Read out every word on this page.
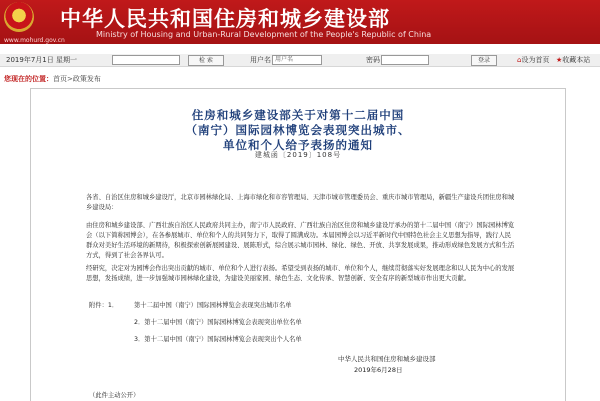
中华人民共和国住房和城乡建设部
Ministry of Housing and Urban-Rural Development of the People's Republic of China
www.mohurd.gov.cn
2019年7月1日 星期一	检 索	用户名 用户名	密码	登录	⌂设为首页 ★收藏本站
您现在的位置：首页>政策发布
住房和城乡建设部关于对第十二届中国
（南宁）国际园林博览会表现突出城市、
单位和个人给予表扬的通知
建城函〔2019〕108号
各省、自治区住房和城乡建设厅，北京市园林绿化局、上海市绿化和市容管理局、天津市城市管理委员会、重庆市城市管理局，新疆生产建设兵团住房和城乡建设局：
由住房和城乡建设部、广西壮族自治区人民政府共同主办，南宁市人民政府、广西壮族自治区住房和城乡建设厅承办的第十二届中国（南宁）国际园林博览会（以下简称园博会），在各参展城市、单位和个人的共同努力下，取得了圆满成功。本届园博会以习近平新时代中国特色社会主义思想为指导，践行人民群众对美好生活环境的新期待，积极探索创新展园建设、展陈形式，综合展示城市园林、绿化、绿色、开放、共享发展成果，推动形成绿色发展方式和生活方式，得到了社会各界认可。
经研究，决定对为园博会作出突出贡献的城市、单位和个人进行表扬。希望受到表扬的城市、单位和个人，继续贯彻落实好发展理念和以人民为中心的发展思想，发扬成绩，进一步加强城市园林绿化建设，为建设美丽家园、绿色生态、文化传承、智慧创新、安全有序的新型城市作出更大贡献。
附件：1．	第十二届中国（南宁）国际园林博览会表现突出城市名单
2．第十二届中国（南宁）国际园林博览会表现突出单位名单
3．第十二届中国（南宁）国际园林博览会表现突出个人名单
中华人民共和国住房和城乡建设部
2019年6月28日
（此件主动公开）
